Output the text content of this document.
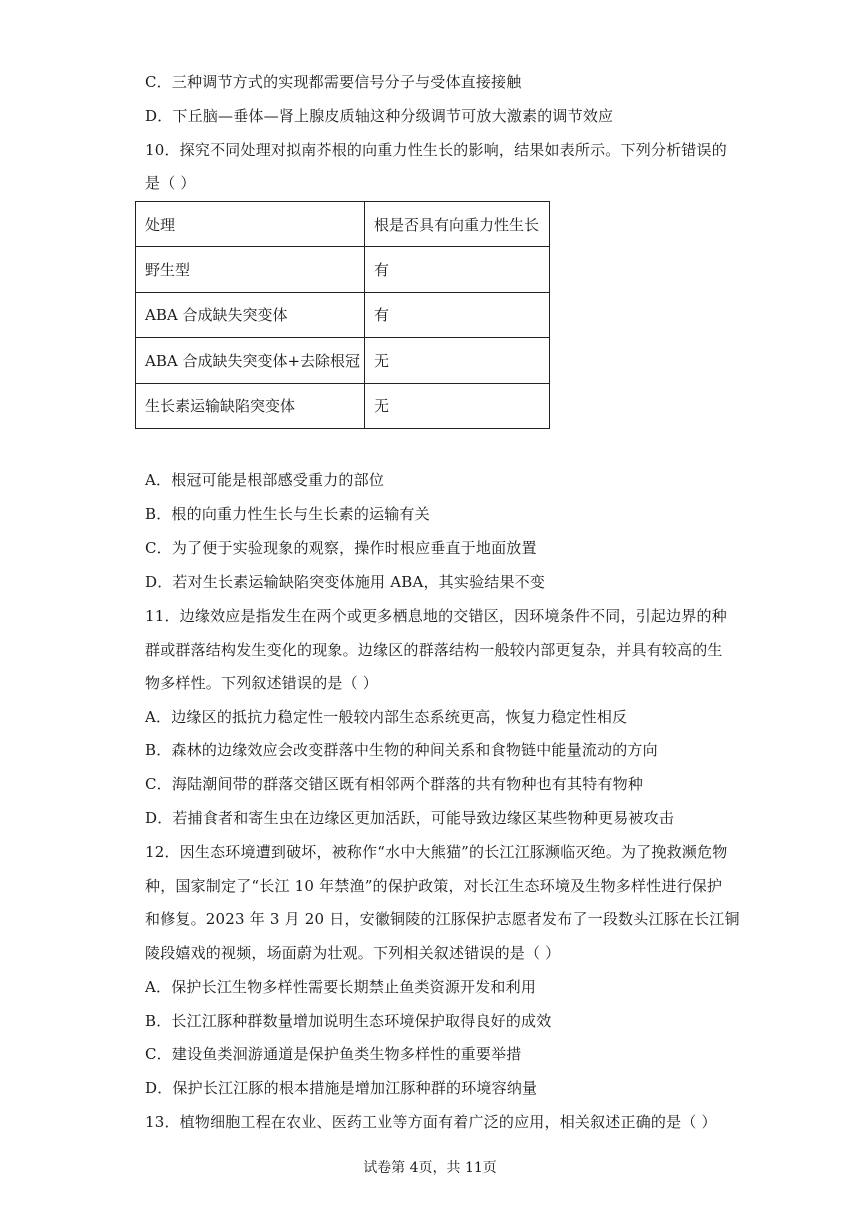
C．三种调节方式的实现都需要信号分子与受体直接接触
D．下丘脑—垂体—肾上腺皮质轴这种分级调节可放大激素的调节效应
10．探究不同处理对拟南芥根的向重力性生长的影响，结果如表所示。下列分析错误的
是（ ）
处理	根是否具有向重力性生长
野生型	有
ABA 合成缺失突变体	有
ABA 合成缺失突变体+去除根冠	无
生长素运输缺陷突变体	无
A．根冠可能是根部感受重力的部位
B．根的向重力性生长与生长素的运输有关
C．为了便于实验现象的观察，操作时根应垂直于地面放置
D．若对生长素运输缺陷突变体施用 ABA，其实验结果不变
11．边缘效应是指发生在两个或更多栖息地的交错区，因环境条件不同，引起边界的种
群或群落结构发生变化的现象。边缘区的群落结构一般较内部更复杂，并具有较高的生
物多样性。下列叙述错误的是（ ）
A．边缘区的抵抗力稳定性一般较内部生态系统更高，恢复力稳定性相反
B．森林的边缘效应会改变群落中生物的种间关系和食物链中能量流动的方向
C．海陆潮间带的群落交错区既有相邻两个群落的共有物种也有其特有物种
D．若捕食者和寄生虫在边缘区更加活跃，可能导致边缘区某些物种更易被攻击
12．因生态环境遭到破坏，被称作“水中大熊猫”的长江江豚濒临灭绝。为了挽救濒危物
种，国家制定了“长江 10 年禁渔”的保护政策，对长江生态环境及生物多样性进行保护
和修复。2023 年 3 月 20 日，安徽铜陵的江豚保护志愿者发布了一段数头江豚在长江铜
陵段嬉戏的视频，场面蔚为壮观。下列相关叙述错误的是（ ）
A．保护长江生物多样性需要长期禁止鱼类资源开发和利用
B．长江江豚种群数量增加说明生态环境保护取得良好的成效
C．建设鱼类洄游通道是保护鱼类生物多样性的重要举措
D．保护长江江豚的根本措施是增加江豚种群的环境容纳量
13．植物细胞工程在农业、医药工业等方面有着广泛的应用，相关叙述正确的是（ ）
试卷第 4页，共 11页
